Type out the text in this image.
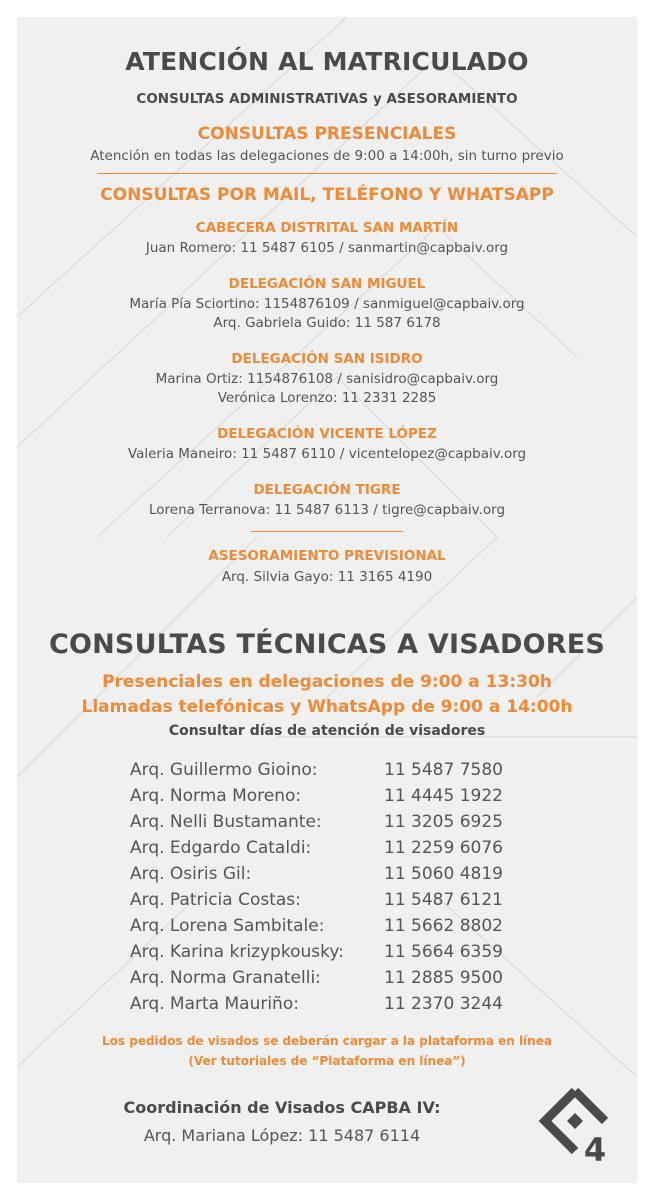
ATENCIÓN AL MATRICULADO
CONSULTAS ADMINISTRATIVAS y ASESORAMIENTO
CONSULTAS PRESENCIALES
Atención en todas las delegaciones de 9:00 a 14:00h, sin turno previo
CONSULTAS POR MAIL, TELÉFONO Y WHATSAPP
CABECERA DISTRITAL SAN MARTÍN
Juan Romero: 11 5487 6105 / sanmartin@capbaiv.org
DELEGACIÓN SAN MIGUEL
María Pía Sciortino: 1154876109 / sanmiguel@capbaiv.org
Arq. Gabriela Guido: 11 587 6178
DELEGACIÓN SAN ISIDRO
Marina Ortiz: 1154876108 / sanisidro@capbaiv.org
Verónica Lorenzo: 11 2331 2285
DELEGACIÓN VICENTE LÓPEZ
Valeria Maneiro: 11 5487 6110 / vicentelopez@capbaiv.org
DELEGACIÓN TIGRE
Lorena Terranova: 11 5487 6113 / tigre@capbaiv.org
ASESORAMIENTO PREVISIONAL
Arq. Silvia Gayo: 11 3165 4190
CONSULTAS TÉCNICAS A VISADORES
Presenciales en delegaciones de 9:00 a 13:30h
Llamadas telefónicas y WhatsApp de 9:00 a 14:00h
Consultar días de atención de visadores
Arq. Guillermo Gioino:	11 5487 7580
Arq. Norma Moreno:	11 4445 1922
Arq. Nelli Bustamante:	11 3205 6925
Arq. Edgardo Cataldi:	11 2259 6076
Arq. Osiris Gil:	11 5060 4819
Arq. Patricia Costas:	11 5487 6121
Arq. Lorena Sambitale:	11 5662 8802
Arq. Karina krizypkousky:	11 5664 6359
Arq. Norma Granatelli:	11 2885 9500
Arq. Marta Mauriño:	11 2370 3244
Los pedidos de visados se deberán cargar a la plataforma en línea
(Ver tutoriales de “Plataforma en línea”)
Coordinación de Visados CAPBA IV:
Arq. Mariana López: 11 5487 6114	4
